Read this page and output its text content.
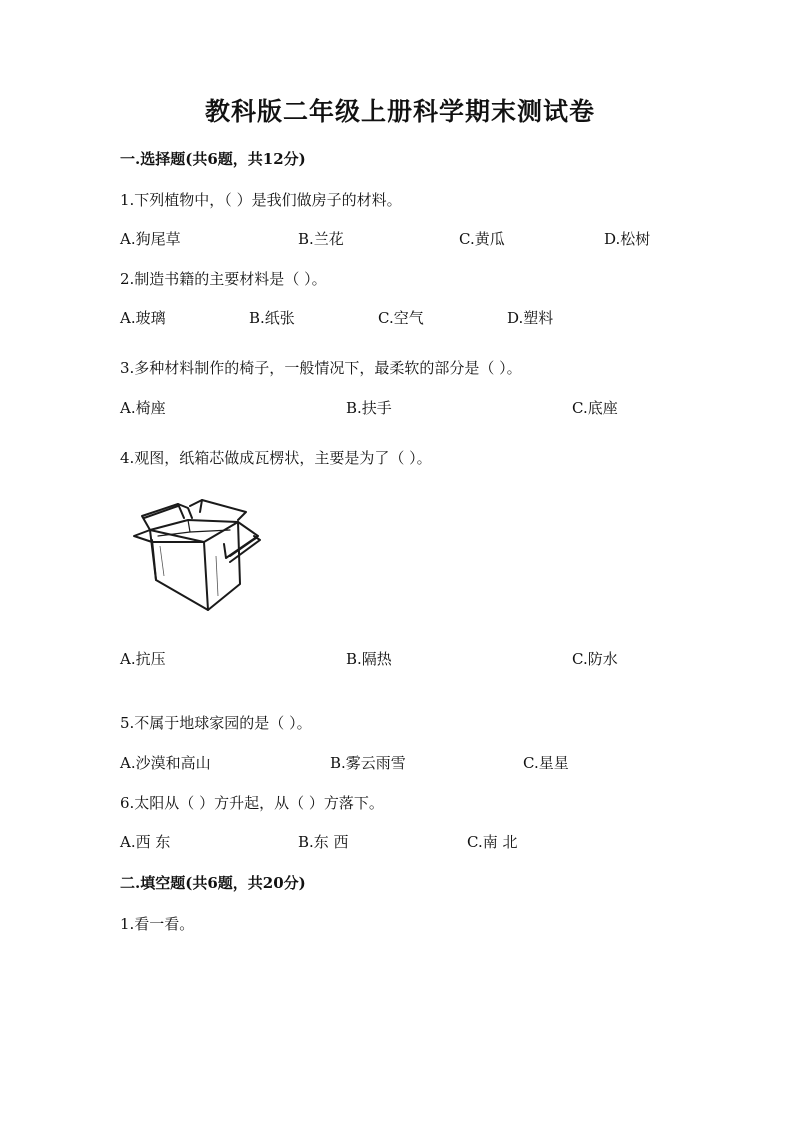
教科版二年级上册科学期末测试卷
一.选择题(共6题，共12分)
1.下列植物中，（ ）是我们做房子的材料。
A.狗尾草	B.兰花	C.黄瓜	D.松树
2.制造书籍的主要材料是（ ）。
A.玻璃	B.纸张	C.空气	D.塑料
3.多种材料制作的椅子，一般情况下，最柔软的部分是（ ）。
A.椅座	B.扶手	C.底座
4.观图，纸箱芯做成瓦楞状，主要是为了（ ）。
A.抗压	B.隔热	C.防水
5.不属于地球家园的是（ ）。
A.沙漠和高山	B.雾云雨雪	C.星星
6.太阳从（ ）方升起，从（ ）方落下。
A.西 东	B.东 西	C.南 北
二.填空题(共6题，共20分)
1.看一看。
